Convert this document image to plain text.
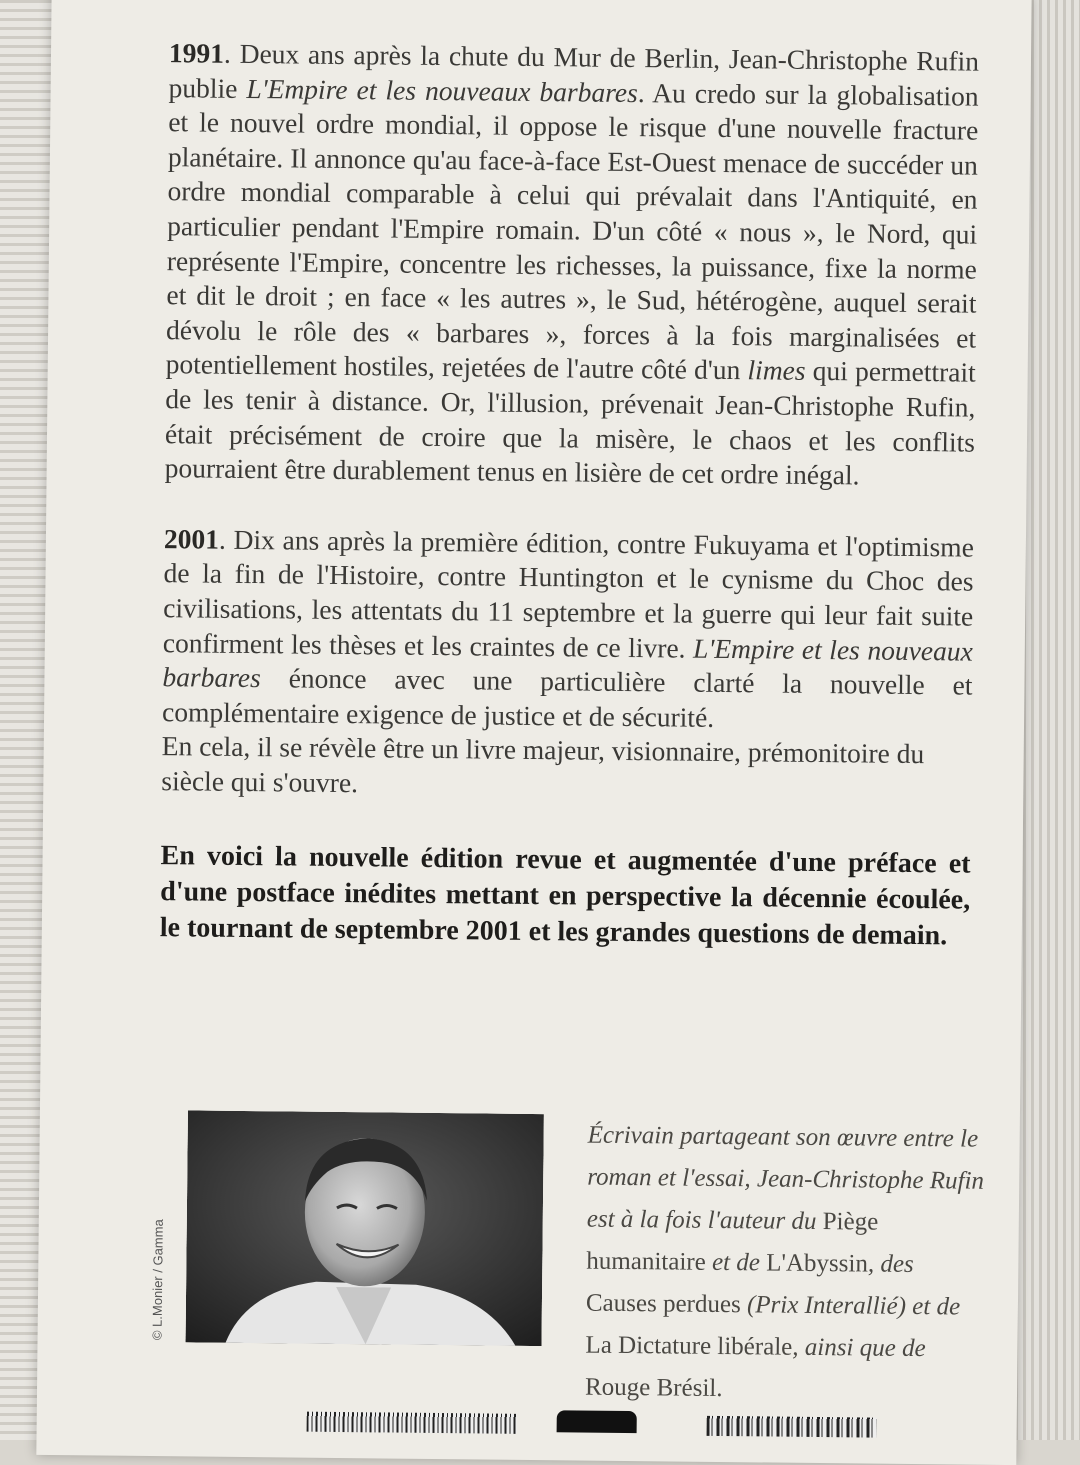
1991. Deux ans après la chute du Mur de Berlin, Jean-Christophe Rufin publie L'Empire et les nouveaux barbares. Au credo sur la globalisation et le nouvel ordre mondial, il oppose le risque d'une nouvelle fracture planétaire. Il annonce qu'au face-à-face Est-Ouest menace de succéder un ordre mondial comparable à celui qui prévalait dans l'Antiquité, en particulier pendant l'Empire romain. D'un côté « nous », le Nord, qui représente l'Empire, concentre les richesses, la puissance, fixe la norme et dit le droit ; en face « les autres », le Sud, hétérogène, auquel serait dévolu le rôle des « barbares », forces à la fois marginalisées et potentiellement hostiles, rejetées de l'autre côté d'un limes qui permettrait de les tenir à distance. Or, l'illusion, prévenait Jean-Christophe Rufin, était précisément de croire que la misère, le chaos et les conflits pourraient être durablement tenus en lisière de cet ordre inégal.

2001. Dix ans après la première édition, contre Fukuyama et l'optimisme de la fin de l'Histoire, contre Huntington et le cynisme du Choc des civilisations, les attentats du 11 septembre et la guerre qui leur fait suite confirment les thèses et les craintes de ce livre. L'Empire et les nouveaux barbares énonce avec une particulière clarté la nouvelle et complémentaire exigence de justice et de sécurité.

En cela, il se révèle être un livre majeur, visionnaire, prémonitoire du siècle qui s'ouvre.

En voici la nouvelle édition revue et augmentée d'une préface et d'une postface inédites mettant en perspective la décennie écoulée, le tournant de septembre 2001 et les grandes questions de demain.

© L.Monier / Gamma
Écrivain partageant son œuvre entre le roman et l'essai, Jean-Christophe Rufin est à la fois l'auteur du Piège humanitaire et de L'Abyssin, des Causes perdues (Prix Interallié) et de La Dictature libérale, ainsi que de Rouge Brésil.
